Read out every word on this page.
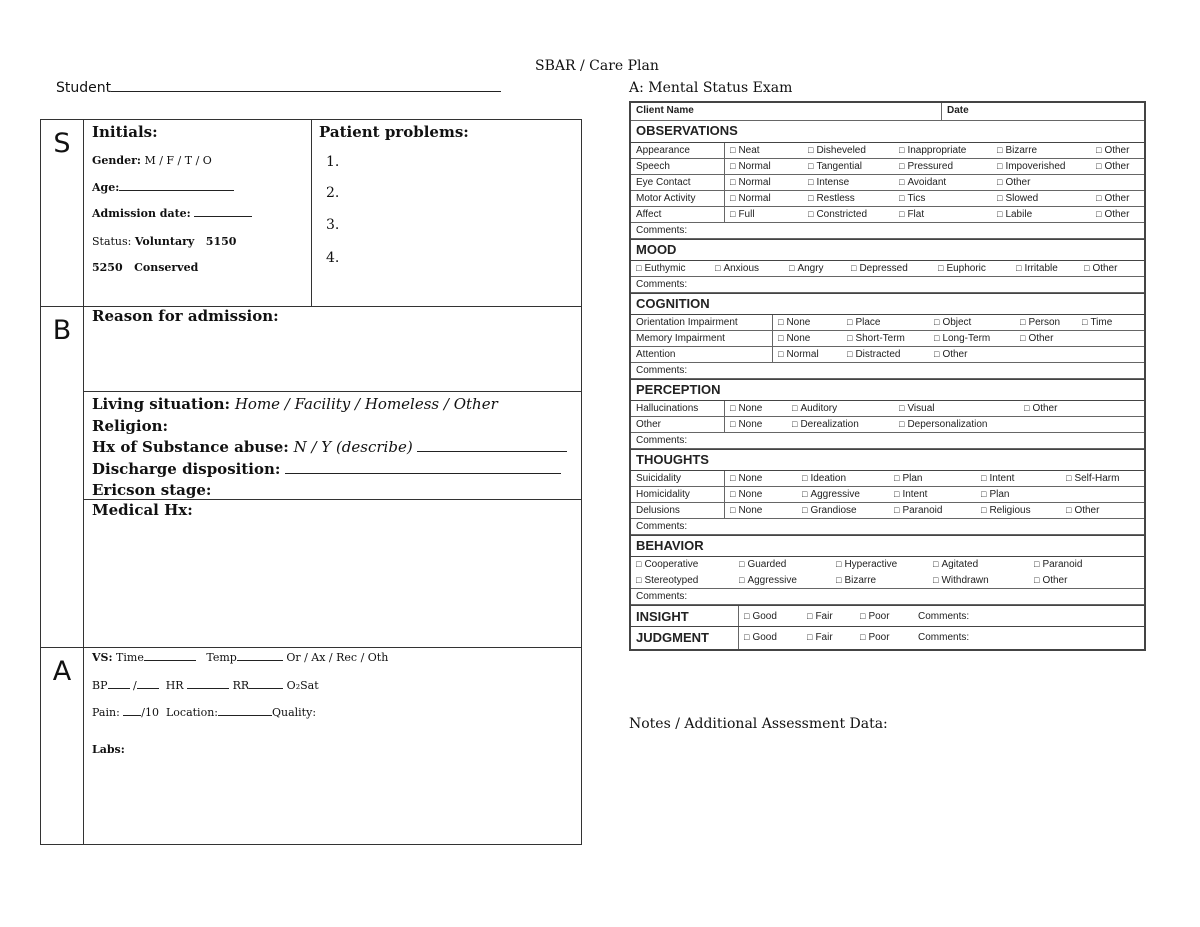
SBAR / Care Plan
Student	A: Mental Status Exam
S	Initials:
Gender: M / F / T / O
Age:
Admission date:
Status: Voluntary   5150
5250   Conserved
Patient problems:
1.
2.
3.
4.
B	Reason for admission:
Living situation: Home / Facility / Homeless / Other
Religion:
Hx of Substance abuse: N / Y (describe)
Discharge disposition:
Ericson stage:
Medical Hx:
A	VS: Time	Temp	Or / Ax / Rec / Oth
BP /	HR	RR	O₂Sat
Pain: /10 Location:	Quality:
Labs:
Client Name	Date
OBSERVATIONS
Appearance	□ Neat	□ Disheveled	□ Inappropriate	□ Bizarre	□ Other
Speech	□ Normal	□ Tangential	□ Pressured	□ Impoverished	□ Other
Eye Contact	□ Normal	□ Intense	□ Avoidant	□ Other
Motor Activity	□ Normal	□ Restless	□ Tics	□ Slowed	□ Other
Affect	□ Full	□ Constricted	□ Flat	□ Labile	□ Other
Comments:
MOOD
□ Euthymic	□ Anxious	□ Angry	□ Depressed	□ Euphoric	□ Irritable	□ Other
Comments:
COGNITION
Orientation Impairment	□ None	□ Place	□ Object	□ Person	□ Time
Memory Impairment	□ None	□ Short-Term	□ Long-Term	□ Other
Attention	□ Normal	□ Distracted	□ Other
Comments:
PERCEPTION
Hallucinations	□ None	□ Auditory	□ Visual	□ Other
Other	□ None	□ Derealization	□ Depersonalization
Comments:
THOUGHTS
Suicidality	□ None	□ Ideation	□ Plan	□ Intent	□ Self-Harm
Homicidality	□ None	□ Aggressive	□ Intent	□ Plan
Delusions	□ None	□ Grandiose	□ Paranoid	□ Religious	□ Other
Comments:
BEHAVIOR
□ Cooperative	□ Guarded	□ Hyperactive	□ Agitated	□ Paranoid
□ Stereotyped	□ Aggressive	□ Bizarre	□ Withdrawn	□ Other
Comments:
INSIGHT	□ Good	□ Fair	□ Poor	Comments:
JUDGMENT	□ Good	□ Fair	□ Poor	Comments:
Notes / Additional Assessment Data:
